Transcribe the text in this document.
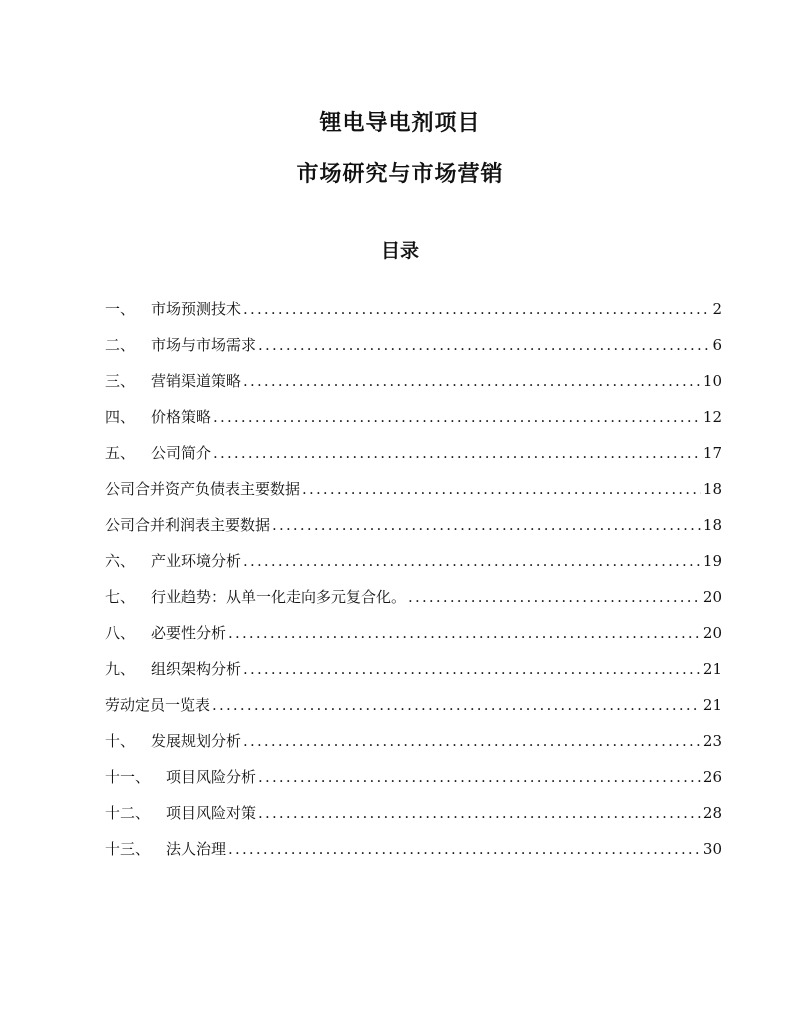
锂电导电剂项目
市场研究与市场营销
目录
一、	市场预测技术 .....	2
二、	市场与市场需求 .....	6
三、	营销渠道策略 .....	10
四、	价格策略 .....	12
五、	公司简介 .....	17
公司合并资产负债表主要数据 .....	18
公司合并利润表主要数据 .....	18
六、	产业环境分析 .....	19
七、	行业趋势：从单一化走向多元复合化。 .....	20
八、	必要性分析 .....	20
九、	组织架构分析 .....	21
劳动定员一览表 .....	21
十、	发展规划分析 .....	23
十一、	项目风险分析 .....	26
十二、	项目风险对策 .....	28
十三、	法人治理 .....	30
